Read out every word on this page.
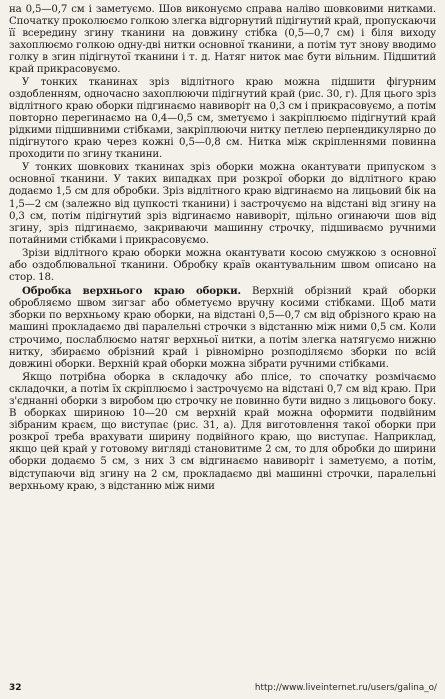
на 0,5—0,7 см і заметуємо. Шов виконуємо справа наліво шовковими нитками. Спочатку проколюємо голкою злегка відгорнутий підігнутий край, пропускаючи її всередину згину тканини на довжину стібка (0,5—0,7 см) і біля виходу захоплюємо голкою одну-дві нитки основної тканини, а потім тут знову вводимо голку в згин підігнутої тканини і т. д. Натяг ниток має бути вільним. Підшитий край прикрасовуємо.

У тонких тканинах зріз відлітного краю можна підшити фігурним оздобленням, одночасно захоплюючи підігнутий край (рис. 30, г). Для цього зріз відлітного краю оборки підгинаємо навиворіт на 0,3 см і прикрасовуємо, а потім повторно перегинаємо на 0,4—0,5 см, зметуємо і закріплюємо підігнутий край рідкими підшивними стібками, закріплюючи нитку петлею перпендикулярно до підігнутого краю через кожні 0,5—0,8 см. Нитка між скріпленнями повинна проходити по згину тканини.

У тонких шовкових тканинах зріз оборки можна окантувати припуском з основної тканини. У таких випадках при розкрої оборки до відлітного краю додаємо 1,5 см для обробки. Зріз відлітного краю відгинаємо на лицьовий бік на 1,5—2 см (залежно від цупкості тканини) і застрочуємо на відстані від згину на 0,3 см, потім підігнутий зріз відгинаємо навиворіт, щільно огинаючи шов від згину, зріз підгинаємо, закриваючи машинну строчку, підшиваємо ручними потайними стібками і прикрасовуємо.

Зрізи відлітного краю оборки можна окантувати косою смужкою з основної або оздоблювальної тканини. Обробку країв окантувальним швом описано на стор. 18.

Обробка верхнього краю оборки. Верхній обрізний край оборки обробляємо швом зигзаг або обметуємо вручну косими стібками. Щоб мати зборки по верхньому краю оборки, на відстані 0,5—0,7 см від обрізного краю на машині прокладаємо дві паралельні строчки з відстанню між ними 0,5 см. Коли строчимо, послаблюємо натяг верхньої нитки, а потім злегка натягуємо нижню нитку, збираємо обрізний край і рівномірно розподіляємо зборки по всій довжині оборки. Верхній край оборки можна зібрати ручними стібками.

Якщо потрібна оборка в складочку або плісе, то спочатку розмічаємо складочки, а потім їх скріплюємо і застрочуємо на відстані 0,7 см від краю. При з'єднанні оборки з виробом цю строчку не повинно бути видно з лицьового боку. В оборках шириною 10—20 см верхній край можна оформити подвійним зібраним краєм, що виступає (рис. 31, а). Для виготовлення такої оборки при розкрої треба врахувати ширину подвійного краю, що виступає. Наприклад, якщо цей край у готовому вигляді становитиме 2 см, то для обробки до ширини оборки додаємо 5 см, з них 3 см відгинаємо навиворіт і заметуємо, а потім, відступаючи від згину на 2 см, прокладаємо дві машинні строчки, паралельні верхньому краю, з відстанню між ними

32	http://www.liveinternet.ru/users/galina_o/
